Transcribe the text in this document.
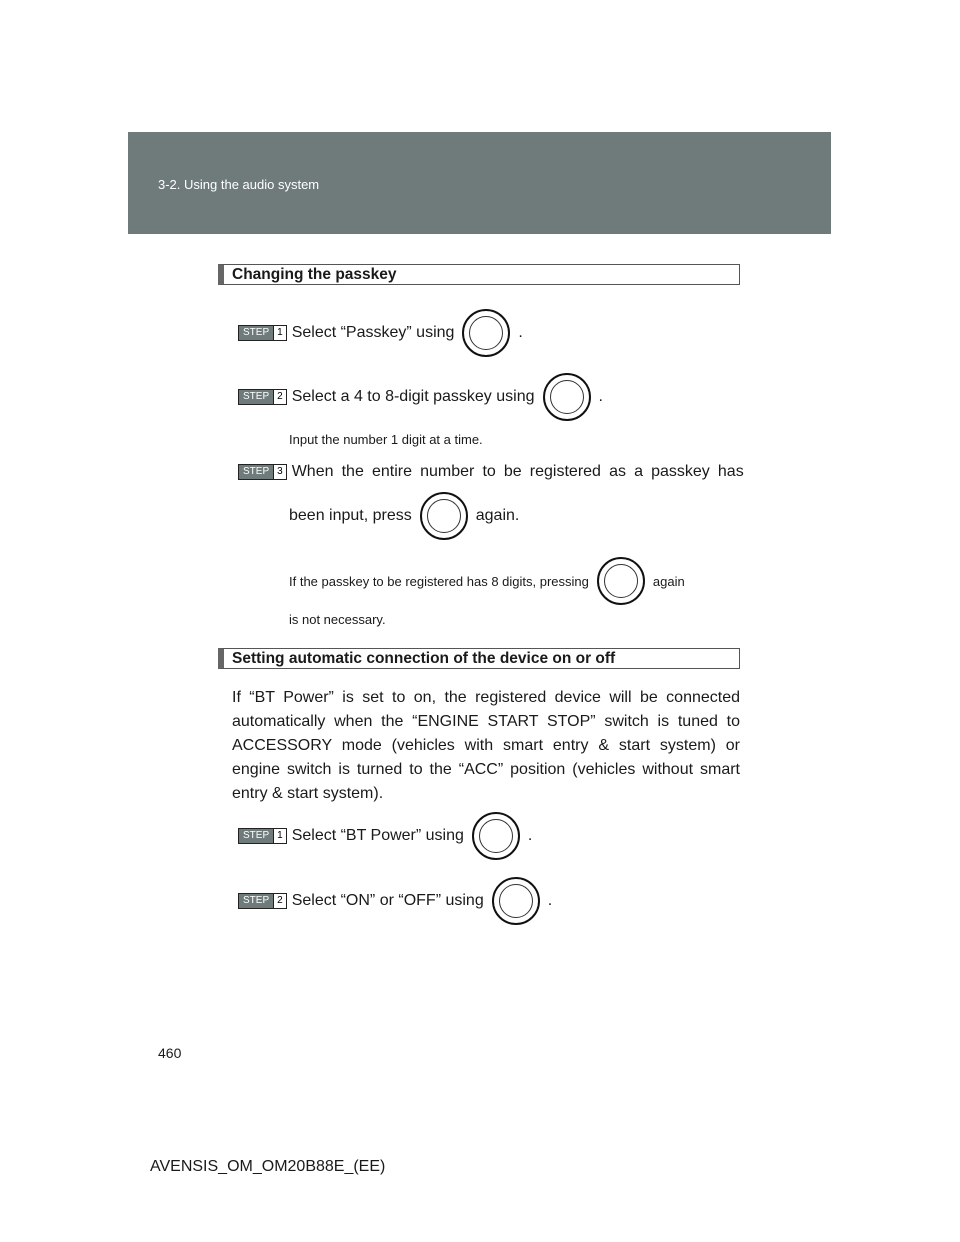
3-2. Using the audio system
Changing the passkey
STEP 1 Select “Passkey” using	.
STEP 2 Select a 4 to 8-digit passkey using	.
Input the number 1 digit at a time.
STEP 3 When the entire number to be registered as a passkey has
been input, press	again.
If the passkey to be registered has 8 digits, pressing	again
is not necessary.
Setting automatic connection of the device on or off
If “BT Power” is set to on, the registered device will be connected automatically when the “ENGINE START STOP” switch is tuned to ACCESSORY mode (vehicles with smart entry & start system) or engine switch is turned to the “ACC” position (vehicles without smart entry & start system).
STEP 1 Select “BT Power” using	.
STEP 2 Select “ON” or “OFF” using	.
460
AVENSIS_OM_OM20B88E_(EE)
